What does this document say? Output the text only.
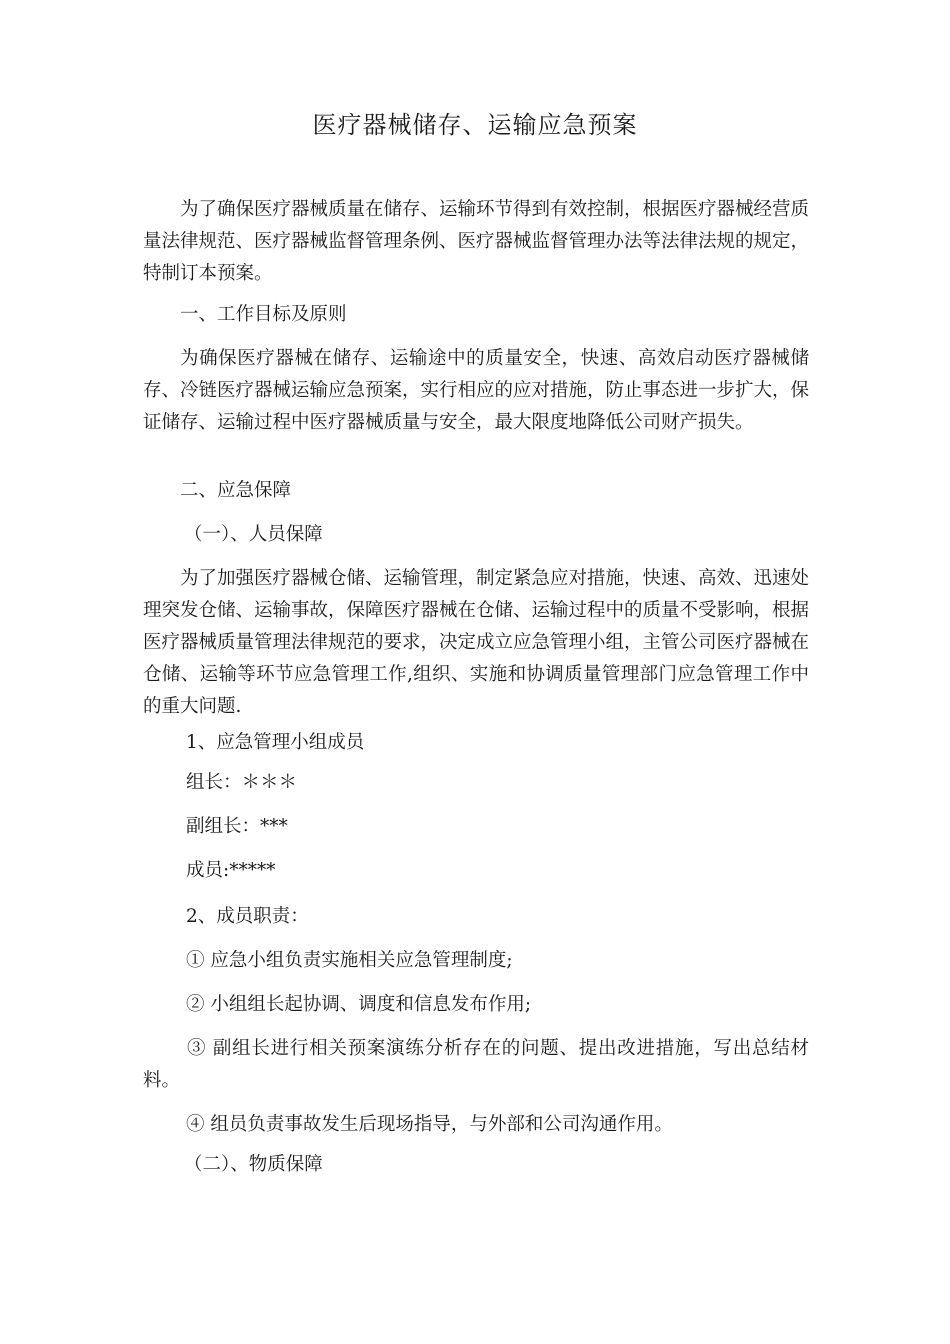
医疗器械储存、运输应急预案

为了确保医疗器械质量在储存、运输环节得到有效控制，根据医疗器械经营质量法律规范、医疗器械监督管理条例、医疗器械监督管理办法等法律法规的规定，特制订本预案。

一、工作目标及原则

为确保医疗器械在储存、运输途中的质量安全，快速、高效启动医疗器械储存、冷链医疗器械运输应急预案，实行相应的应对措施，防止事态进一步扩大，保证储存、运输过程中医疗器械质量与安全，最大限度地降低公司财产损失。

二、应急保障

（一）、人员保障

为了加强医疗器械仓储、运输管理，制定紧急应对措施，快速、高效、迅速处理突发仓储、运输事故，保障医疗器械在仓储、运输过程中的质量不受影响，根据医疗器械质量管理法律规范的要求，决定成立应急管理小组，主管公司医疗器械在仓储、运输等环节应急管理工作,组织、实施和协调质量管理部门应急管理工作中的重大问题.

1、应急管理小组成员

组长：＊＊＊

副组长：***

成员:*****

2、成员职责：

① 应急小组负责实施相关应急管理制度;

② 小组组长起协调、调度和信息发布作用;

③ 副组长进行相关预案演练分析存在的问题、提出改进措施，写出总结材料。

④ 组员负责事故发生后现场指导，与外部和公司沟通作用。

（二）、物质保障
